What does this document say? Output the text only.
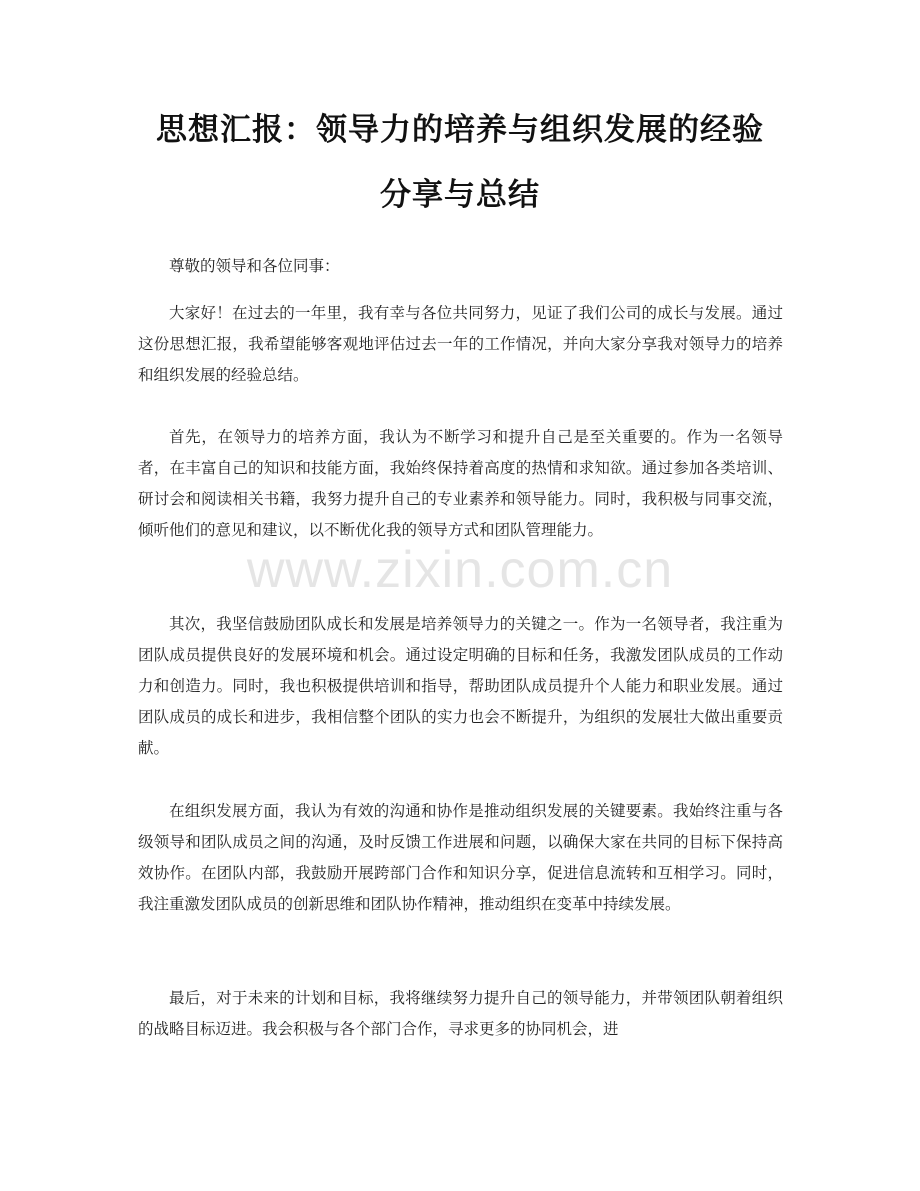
思想汇报：领导力的培养与组织发展的经验
分享与总结
尊敬的领导和各位同事：
大家好！在过去的一年里，我有幸与各位共同努力，见证了我们公司的成长与发展。通过这份思想汇报，我希望能够客观地评估过去一年的工作情况，并向大家分享我对领导力的培养和组织发展的经验总结。
首先，在领导力的培养方面，我认为不断学习和提升自己是至关重要的。作为一名领导者，在丰富自己的知识和技能方面，我始终保持着高度的热情和求知欲。通过参加各类培训、研讨会和阅读相关书籍，我努力提升自己的专业素养和领导能力。同时，我积极与同事交流，倾听他们的意见和建议，以不断优化我的领导方式和团队管理能力。
其次，我坚信鼓励团队成长和发展是培养领导力的关键之一。作为一名领导者，我注重为团队成员提供良好的发展环境和机会。通过设定明确的目标和任务，我激发团队成员的工作动力和创造力。同时，我也积极提供培训和指导，帮助团队成员提升个人能力和职业发展。通过团队成员的成长和进步，我相信整个团队的实力也会不断提升，为组织的发展壮大做出重要贡献。
在组织发展方面，我认为有效的沟通和协作是推动组织发展的关键要素。我始终注重与各级领导和团队成员之间的沟通，及时反馈工作进展和问题，以确保大家在共同的目标下保持高效协作。在团队内部，我鼓励开展跨部门合作和知识分享，促进信息流转和互相学习。同时，我注重激发团队成员的创新思维和团队协作精神，推动组织在变革中持续发展。
最后，对于未来的计划和目标，我将继续努力提升自己的领导能力，并带领团队朝着组织的战略目标迈进。我会积极与各个部门合作，寻求更多的协同机会，进
www.zixin.com.cn
